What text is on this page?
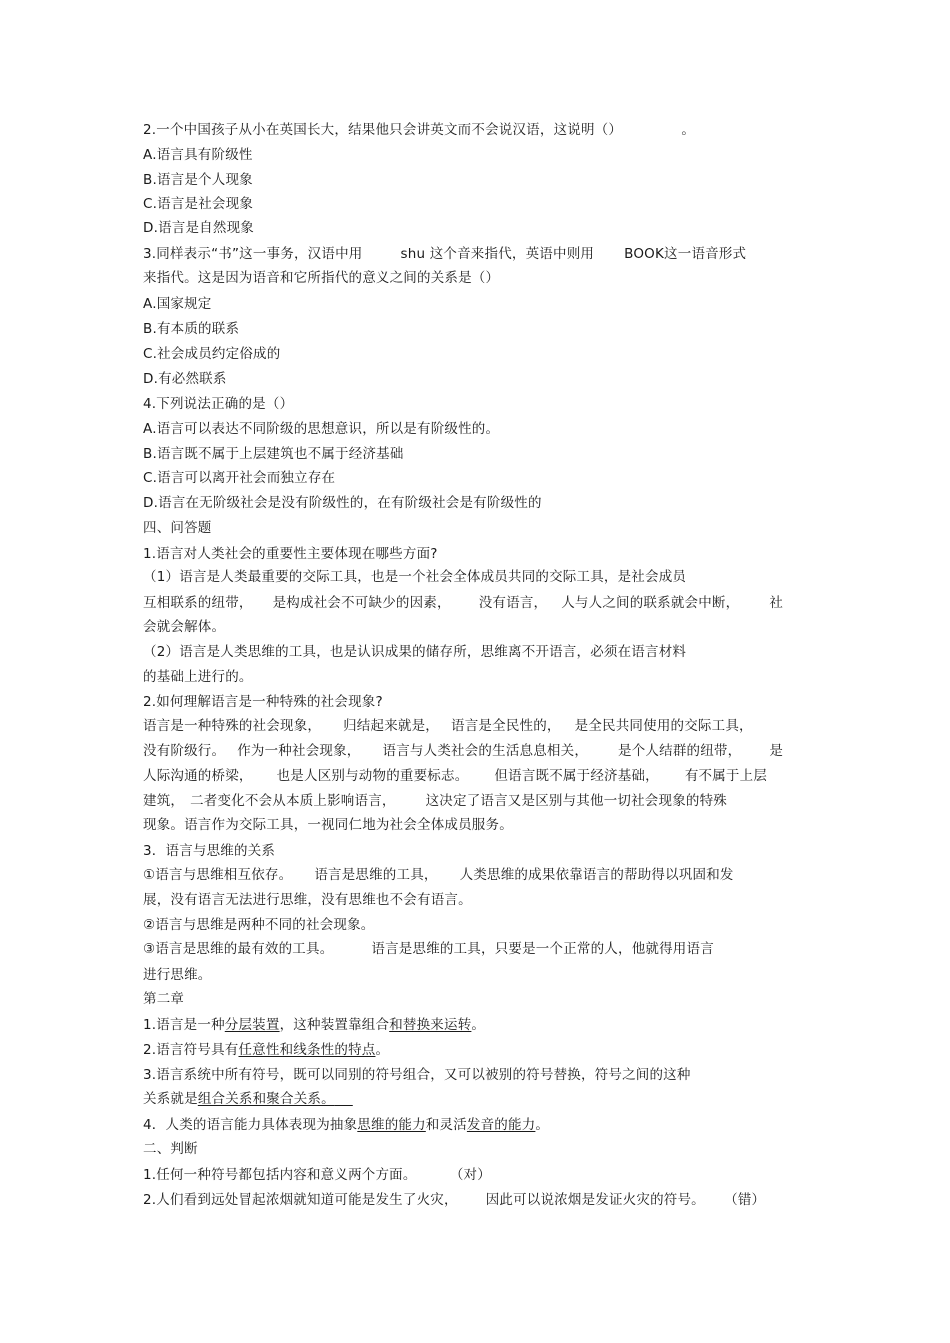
2.一个中国孩子从小在英国长大，结果他只会讲英文而不会说汉语，这说明（）	。
A.语言具有阶级性
B.语言是个人现象
C.语言是社会现象
D.语言是自然现象
3.同样表示“书”这一事务，汉语中用	shu 这个音来指代，英语中则用 BOOK这一语音形式
来指代。这是因为语音和它所指代的意义之间的关系是（）
A.国家规定
B.有本质的联系
C.社会成员约定俗成的
D.有必然联系
4.下列说法正确的是（）
A.语言可以表达不同阶级的思想意识，所以是有阶级性的。
B.语言既不属于上层建筑也不属于经济基础
C.语言可以离开社会而独立存在
D.语言在无阶级社会是没有阶级性的，在有阶级社会是有阶级性的
四、问答题
1.语言对人类社会的重要性主要体现在哪些方面?
（1）语言是人类最重要的交际工具，也是一个社会全体成员共同的交际工具，是社会成员
互相联系的纽带， 是构成社会不可缺少的因素， 没有语言， 人与人之间的联系就会中断， 社
会就会解体。
（2）语言是人类思维的工具，也是认识成果的储存所，思维离不开语言，必须在语言材料
的基础上进行的。
2.如何理解语言是一种特殊的社会现象?
语言是一种特殊的社会现象， 归结起来就是， 语言是全民性的， 是全民共同使用的交际工具，
没有阶级行。 作为一种社会现象， 语言与人类社会的生活息息相关， 是个人结群的纽带， 是
人际沟通的桥梁， 也是人区别与动物的重要标志。 但语言既不属于经济基础， 有不属于上层
建筑， 二者变化不会从本质上影响语言， 这决定了语言又是区别与其他一切社会现象的特殊
现象。语言作为交际工具，一视同仁地为社会全体成员服务。
3．语言与思维的关系
①语言与思维相互依存。 语言是思维的工具， 人类思维的成果依靠语言的帮助得以巩固和发
展，没有语言无法进行思维，没有思维也不会有语言。
②语言与思维是两种不同的社会现象。
③语言是思维的最有效的工具。	语言是思维的工具，只要是一个正常的人，他就得用语言
进行思维。
第二章
1.语言是一种分层装置，这种装置靠组合和替换来运转。
2.语言符号具有任意性和线条性的特点。
3.语言系统中所有符号，既可以同别的符号组合，又可以被别的符号替换，符号之间的这种
关系就是组合关系和聚合关系。
4．人类的语言能力具体表现为抽象思维的能力和灵活发音的能力。
二、判断
1.任何一种符号都包括内容和意义两个方面。	（对）
2.人们看到远处冒起浓烟就知道可能是发生了火灾， 因此可以说浓烟是发证火灾的符号。 （错）
